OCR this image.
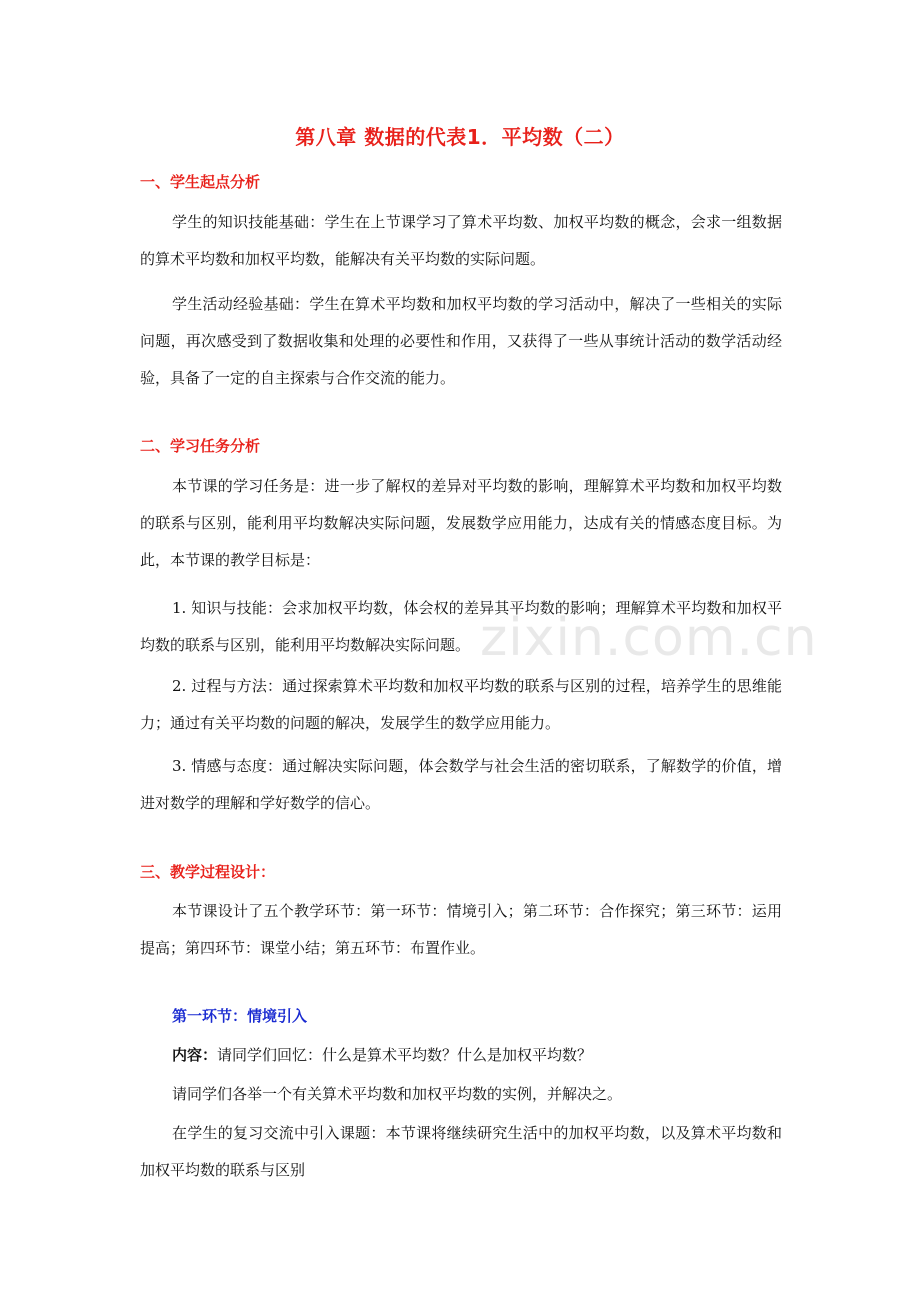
zixin.com.cn
第八章 数据的代表1．平均数（二）
一、学生起点分析

学生的知识技能基础：学生在上节课学习了算术平均数、加权平均数的概念，会求一组数据的算术平均数和加权平均数，能解决有关平均数的实际问题。

学生活动经验基础：学生在算术平均数和加权平均数的学习活动中，解决了一些相关的实际问题，再次感受到了数据收集和处理的必要性和作用，又获得了一些从事统计活动的数学活动经验，具备了一定的自主探索与合作交流的能力。

二、学习任务分析

本节课的学习任务是：进一步了解权的差异对平均数的影响，理解算术平均数和加权平均数的联系与区别，能利用平均数解决实际问题，发展数学应用能力，达成有关的情感态度目标。为此，本节课的教学目标是：

1. 知识与技能：会求加权平均数，体会权的差异其平均数的影响；理解算术平均数和加权平均数的联系与区别，能利用平均数解决实际问题。

2. 过程与方法：通过探索算术平均数和加权平均数的联系与区别的过程，培养学生的思维能力；通过有关平均数的问题的解决，发展学生的数学应用能力。

3. 情感与态度：通过解决实际问题，体会数学与社会生活的密切联系，了解数学的价值，增进对数学的理解和学好数学的信心。

三、教学过程设计：

本节课设计了五个教学环节：第一环节：情境引入；第二环节：合作探究；第三环节：运用提高；第四环节：课堂小结；第五环节：布置作业。

第一环节：情境引入

内容：请同学们回忆：什么是算术平均数？什么是加权平均数？

请同学们各举一个有关算术平均数和加权平均数的实例，并解决之。

在学生的复习交流中引入课题：本节课将继续研究生活中的加权平均数，以及算术平均数和加权平均数的联系与区别
